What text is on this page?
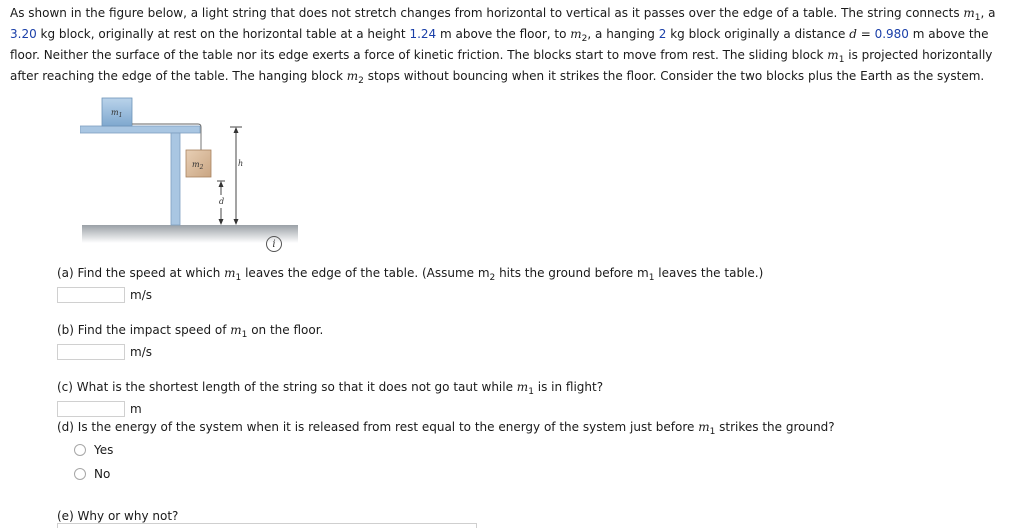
As shown in the figure below, a light string that does not stretch changes from horizontal to vertical as it passes over the edge of a table. The string connects $m_1$, a 3.20 kg block, originally at rest on the horizontal table at a height 1.24 m above the floor, to $m_2$, a hanging 2 kg block originally a distance d = 0.980 m above the floor. Neither the surface of the table nor its edge exerts a force of kinetic friction. The blocks start to move from rest. The sliding block $m_1$ is projected horizontally after reaching the edge of the table. The hanging block $m_2$ stops without bouncing when it strikes the floor. Consider the two blocks plus the Earth as the system.
$m_1$
$m_2$	h
d
i
(a) Find the speed at which $m_1$ leaves the edge of the table. (Assume $m_2$ hits the ground before $m_1$ leaves the table.)
m/s
(b) Find the impact speed of $m_1$ on the floor.
m/s
(c) What is the shortest length of the string so that it does not go taut while $m_1$ is in flight?
m
(d) Is the energy of the system when it is released from rest equal to the energy of the system just before $m_1$ strikes the ground?
Yes
No
(e) Why or why not?
